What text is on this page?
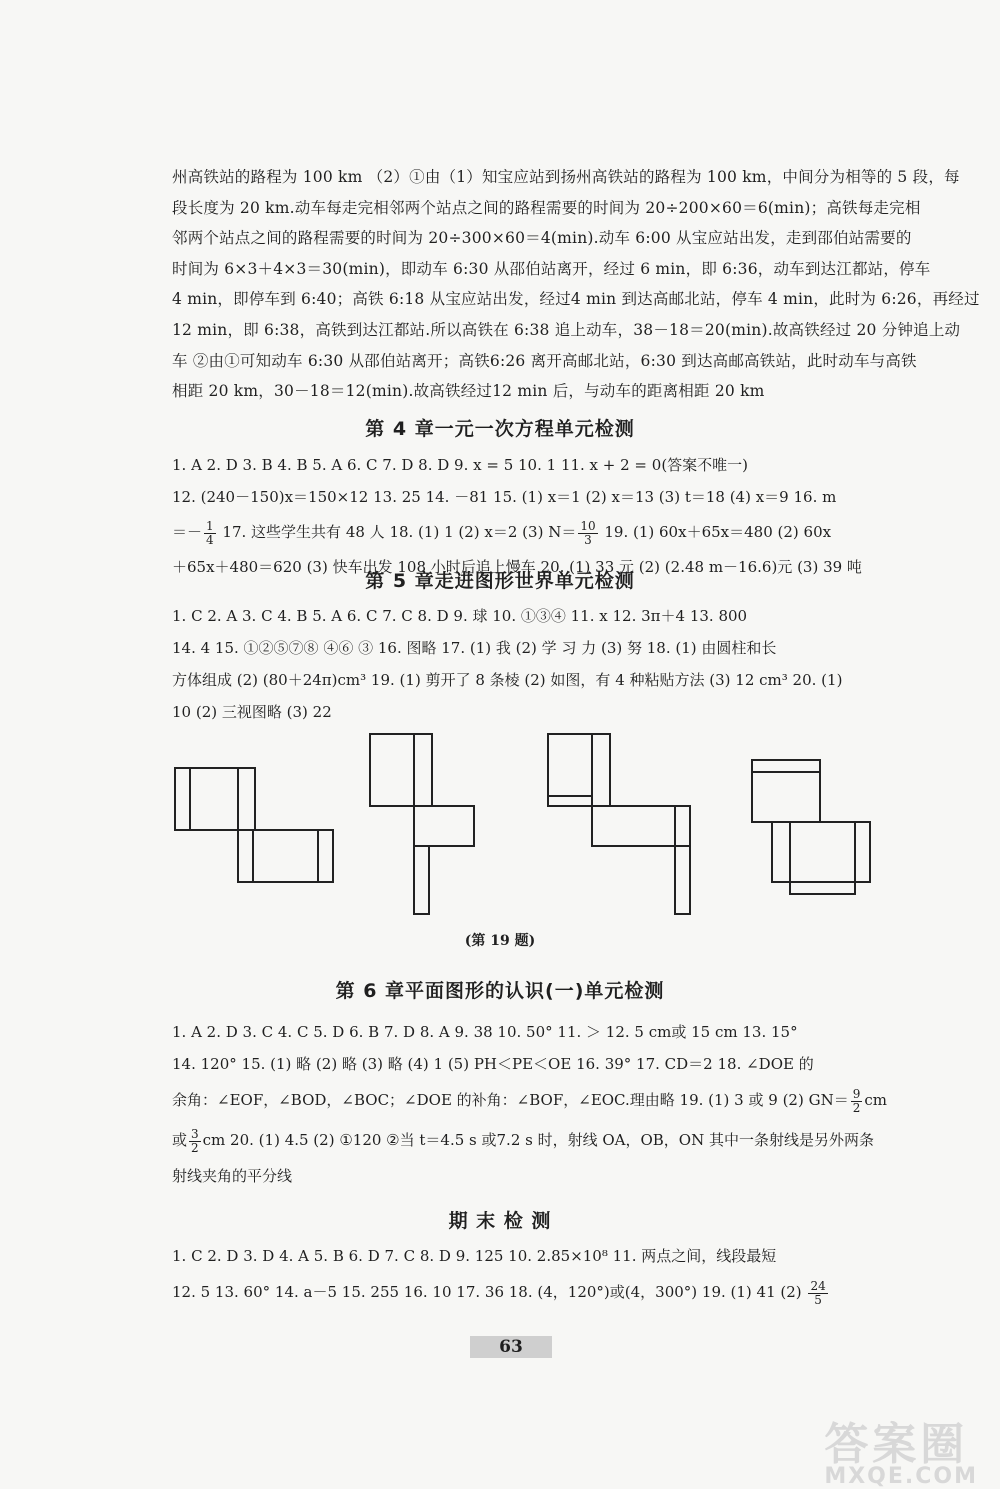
州高铁站的路程为 100 km （2）①由（1）知宝应站到扬州高铁站的路程为 100 km，中间分为相等的 5 段，每
段长度为 20 km.动车每走完相邻两个站点之间的路程需要的时间为 20÷200×60＝6(min)；高铁每走完相
邻两个站点之间的路程需要的时间为 20÷300×60＝4(min).动车 6:00 从宝应站出发，走到邵伯站需要的
时间为 6×3＋4×3＝30(min)，即动车 6:30 从邵伯站离开，经过 6 min，即 6:36，动车到达江都站，停车
4 min，即停车到 6:40；高铁 6:18 从宝应站出发，经过4 min 到达高邮北站，停车 4 min，此时为 6:26，再经过
12 min，即 6:38，高铁到达江都站.所以高铁在 6:38 追上动车，38－18＝20(min).故高铁经过 20 分钟追上动
车 ②由①可知动车 6:30 从邵伯站离开；高铁6:26 离开高邮北站，6:30 到达高邮高铁站，此时动车与高铁
相距 20 km，30－18＝12(min).故高铁经过12 min 后，与动车的距离相距 20 km
第 4 章一元一次方程单元检测
1. A 2. D 3. B 4. B 5. A 6. C 7. D 8. D 9. x = 5 10. 1 11. x + 2 = 0(答案不唯一)
12. (240－150)x＝150×12 13. 25 14. －81 15. (1) x＝1 (2) x＝13 (3) t＝18 (4) x＝9 16. m
＝－ $\frac{1}{4} 17$. 这些学生共有 48 人 18. (1) 1 (2) x＝2 (3) $N= \frac{10}{3} 19$. (1) 60x＋65x＝480 (2) 60x
＋65x＋480＝620 (3) 快车出发 108 小时后追上慢车 20. (1) 33 元 (2) (2.48 m－16.6)元 (3) 39 吨
第 5 章走进图形世界单元检测
1. C 2. A 3. C 4. B 5. A 6. C 7. C 8. D 9. 球 10. ①③④ 11. x 12. 3π＋4 13. 800
14. 4 15. ①②⑤⑦⑧ ④⑥ ③ 16. 图略 17. (1) 我 (2) 学 习 力 (3) 努 18. (1) 由圆柱和长
方体组成 (2) (80＋24π)cm³ 19. (1) 剪开了 8 条棱 (2) 如图，有 4 种粘贴方法 (3) 12 cm³ 20. (1)
10 (2) 三视图略 (3) 22
(第 19 题)
第 6 章平面图形的认识(一)单元检测
1. A 2. D 3. C 4. C 5. D 6. B 7. D 8. A 9. 38 10. 50° 11. ＞ 12. 5 cm或 15 cm 13. 15°
14. 120° 15. (1) 略 (2) 略 (3) 略 (4) 1 (5) PH＜PE＜OE 16. 39° 17. CD＝2 18. ∠DOE 的
余角：∠EOF，∠BOD，∠BOC；∠DOE 的补角：∠BOF，∠EOC.理由略 19. (1) 3 或 9 (2) $GN= \frac{9}{2}$ cm
或 $\frac{3}{2}$ cm 20. (1) 4.5 (2) ①120 ②当 t＝4.5 s 或7.2 s 时，射线 OA，OB，ON 其中一条射线是另外两条
射线夹角的平分线
期 末 检 测
1. C 2. D 3. D 4. A 5. B 6. D 7. C 8. D 9. 125 10. 2.85×10⁸ 11. 两点之间，线段最短
12. 5 13. 60° 14. a－5 15. 255 16. 10 17. 36 18. (4，120°)或(4，300°) 19. (1) 41 $(2) \frac{24}{5}$
63
答案圈
MXQE.COM
